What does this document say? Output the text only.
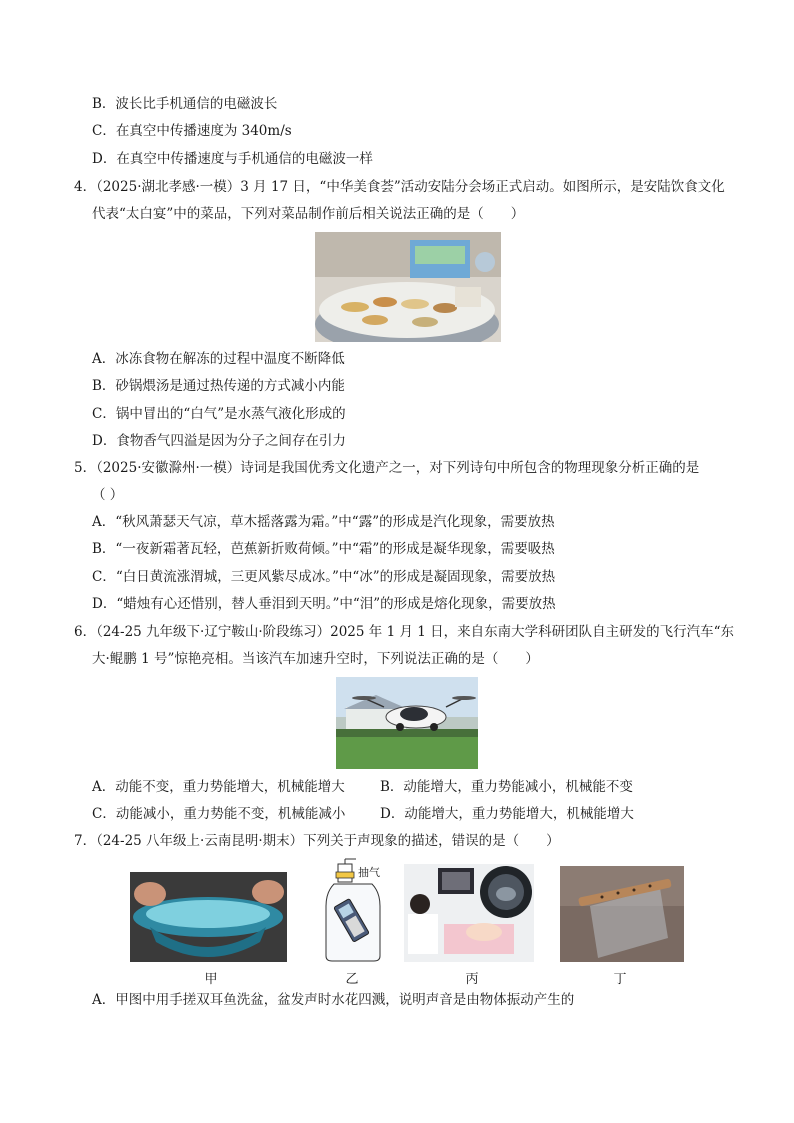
B．波长比手机通信的电磁波长
C．在真空中传播速度为 340m/s
D．在真空中传播速度与手机通信的电磁波一样
4．（2025·湖北孝感·一模）3 月 17 日，“中华美食荟”活动安陆分会场正式启动。如图所示，是安陆饮食文化
代表“太白宴”中的菜品，下列对菜品制作前后相关说法正确的是（　　）
A．冰冻食物在解冻的过程中温度不断降低
B．砂锅煨汤是通过热传递的方式减小内能
C．锅中冒出的“白气”是水蒸气液化形成的
D．食物香气四溢是因为分子之间存在引力
5．（2025·安徽滁州·一模）诗词是我国优秀文化遗产之一，对下列诗句中所包含的物理现象分析正确的是
（ ）
A．“秋风萧瑟天气凉，草木摇落露为霜。”中“露”的形成是汽化现象，需要放热
B．“一夜新霜著瓦轻，芭蕉新折败荷倾。”中“霜”的形成是凝华现象，需要吸热
C．“白日黄流涨渭城，三更风紫尽成冰。”中“冰”的形成是凝固现象，需要放热
D．“蜡烛有心还惜别，替人垂泪到天明。”中“泪”的形成是熔化现象，需要放热
6．（24-25 九年级下·辽宁鞍山·阶段练习）2025 年 1 月 1 日，来自东南大学科研团队自主研发的飞行汽车“东
大·鲲鹏 1 号”惊艳亮相。当该汽车加速升空时，下列说法正确的是（　　）
A．动能不变，重力势能增大，机械能增大	B．动能增大，重力势能减小，机械能不变
C．动能减小，重力势能不变，机械能减小	D．动能增大，重力势能增大，机械能增大
7．（24-25 八年级上·云南昆明·期末）下列关于声现象的描述，错误的是（　　）
抽气
甲	乙	丙	丁
A．甲图中用手搓双耳鱼洗盆，盆发声时水花四溅，说明声音是由物体振动产生的
